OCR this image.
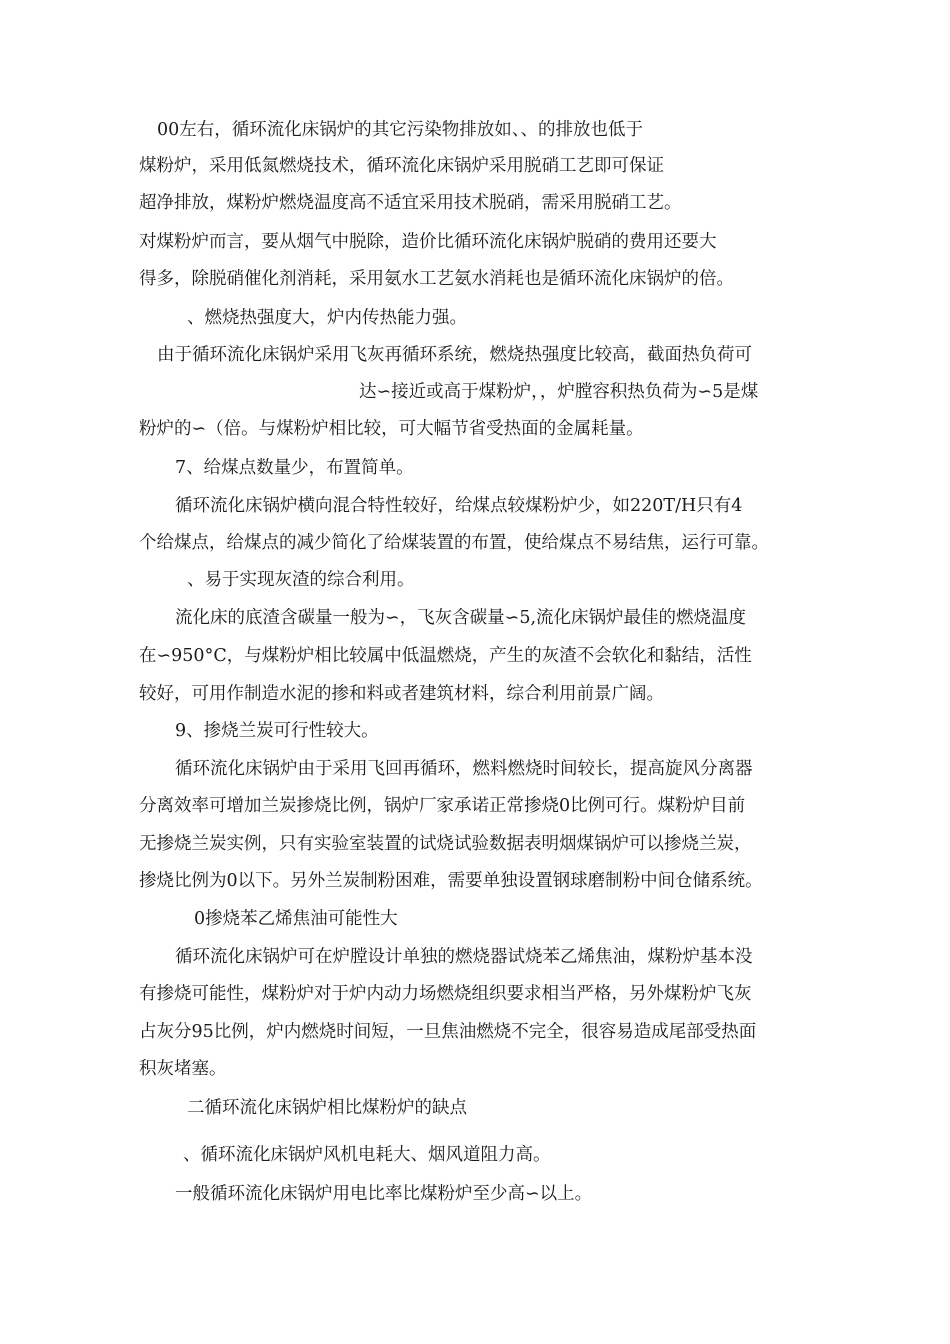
00左右，循环流化床锅炉的其它污染物排放如、、的排放也低于
煤粉炉，采用低氮燃烧技术，循环流化床锅炉采用脱硝工艺即可保证
超净排放，煤粉炉燃烧温度高不适宜采用技术脱硝，需采用脱硝工艺。
对煤粉炉而言，要从烟气中脱除，造价比循环流化床锅炉脱硝的费用还要大
得多，除脱硝催化剂消耗，采用氨水工艺氨水消耗也是循环流化床锅炉的倍。
、燃烧热强度大，炉内传热能力强。
由于循环流化床锅炉采用飞灰再循环系统，燃烧热强度比较高，截面热负荷可
达∽接近或高于煤粉炉，，炉膛容积热负荷为∽5是煤
粉炉的∽（倍。与煤粉炉相比较，可大幅节省受热面的金属耗量。
7、给煤点数量少，布置简单。
循环流化床锅炉横向混合特性较好，给煤点较煤粉炉少，如220T/H只有4
个给煤点，给煤点的减少简化了给煤装置的布置，使给煤点不易结焦，运行可靠。
、易于实现灰渣的综合利用。
流化床的底渣含碳量一般为∽，飞灰含碳量∽5,流化床锅炉最佳的燃烧温度
在∽950°C，与煤粉炉相比较属中低温燃烧，产生的灰渣不会软化和黏结，活性
较好，可用作制造水泥的掺和料或者建筑材料，综合利用前景广阔。
9、掺烧兰炭可行性较大。
循环流化床锅炉由于采用飞回再循环，燃料燃烧时间较长，提高旋风分离器
分离效率可增加兰炭掺烧比例，锅炉厂家承诺正常掺烧0比例可行。煤粉炉目前
无掺烧兰炭实例，只有实验室装置的试烧试验数据表明烟煤锅炉可以掺烧兰炭，
掺烧比例为0以下。另外兰炭制粉困难，需要单独设置钢球磨制粉中间仓储系统。
0掺烧苯乙烯焦油可能性大
循环流化床锅炉可在炉膛设计单独的燃烧器试烧苯乙烯焦油，煤粉炉基本没
有掺烧可能性，煤粉炉对于炉内动力场燃烧组织要求相当严格，另外煤粉炉飞灰
占灰分95比例，炉内燃烧时间短，一旦焦油燃烧不完全，很容易造成尾部受热面
积灰堵塞。
二循环流化床锅炉相比煤粉炉的缺点
、循环流化床锅炉风机电耗大、烟风道阻力高。
一般循环流化床锅炉用电比率比煤粉炉至少高∽以上。
